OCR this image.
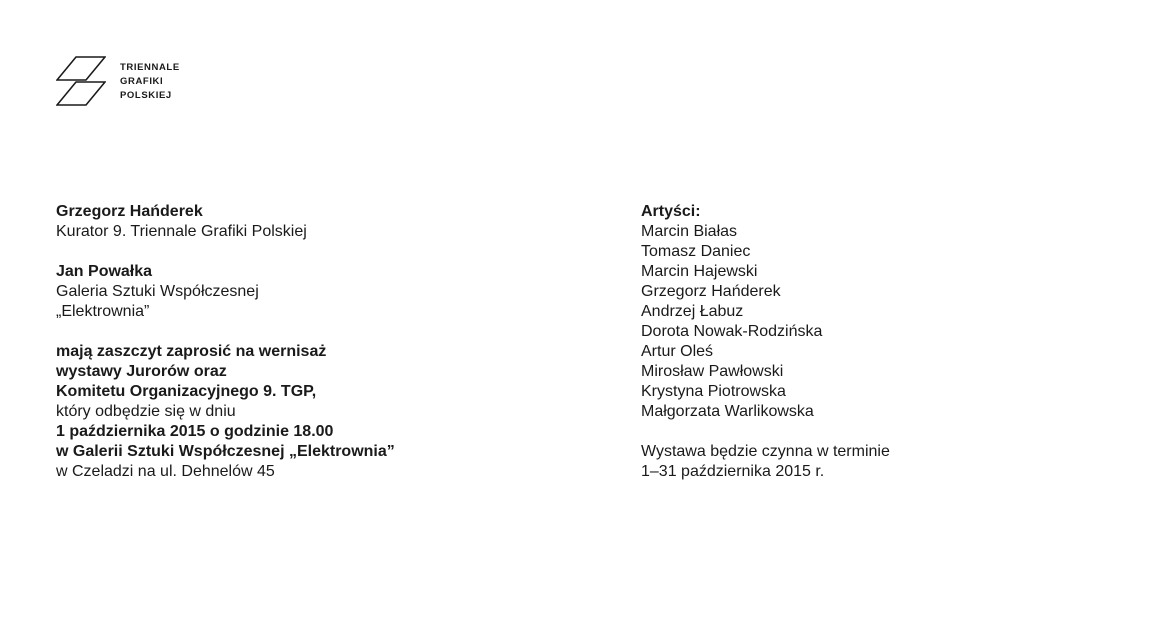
TRIENNALE
GRAFIKI
POLSKIEJ
Grzegorz Hańderek
Kurator 9. Triennale Grafiki Polskiej
Jan Powałka
Galeria Sztuki Współczesnej
„Elektrownia”
mają zaszczyt zaprosić na wernisaż
wystawy Jurorów oraz
Komitetu Organizacyjnego 9. TGP,
który odbędzie się w dniu
1 października 2015 o godzinie 18.00
w Galerii Sztuki Współczesnej „Elektrownia”
w Czeladzi na ul. Dehnelów 45
Artyści:
Marcin Białas
Tomasz Daniec
Marcin Hajewski
Grzegorz Hańderek
Andrzej Łabuz
Dorota Nowak-Rodzińska
Artur Oleś
Mirosław Pawłowski
Krystyna Piotrowska
Małgorzata Warlikowska
Wystawa będzie czynna w terminie
1–31 października 2015 r.
